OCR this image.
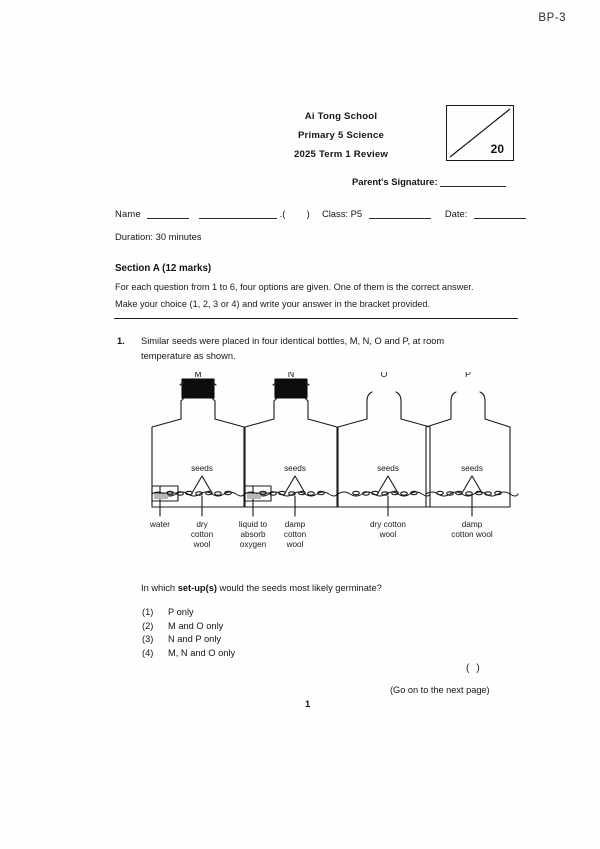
BP-3
Ai Tong School
Primary 5 Science
2025 Term 1 Review	20
Parent's Signature:
Name	.( ) Class: P5	Date:
Duration: 30 minutes
Section A (12 marks)
For each question from 1 to 6, four options are given. One of them is the correct answer.
Make your choice (1, 2, 3 or 4) and write your answer in the bracket provided.
1. Similar seeds were placed in four identical bottles, M, N, O and P, at room
temperature as shown.
M
seeds
N
seeds
O
seeds
P
seeds
water	dry
cotton
wool
liquid to
absorb
oxygen
damp
cotton
wool
dry cotton
wool
damp
cotton wool
In which set-up(s) would the seeds most likely germinate?
(1) P only
(2) M and O only
(3) N and P only
(4) M, N and O only
()
(Go on to the next page)
1
